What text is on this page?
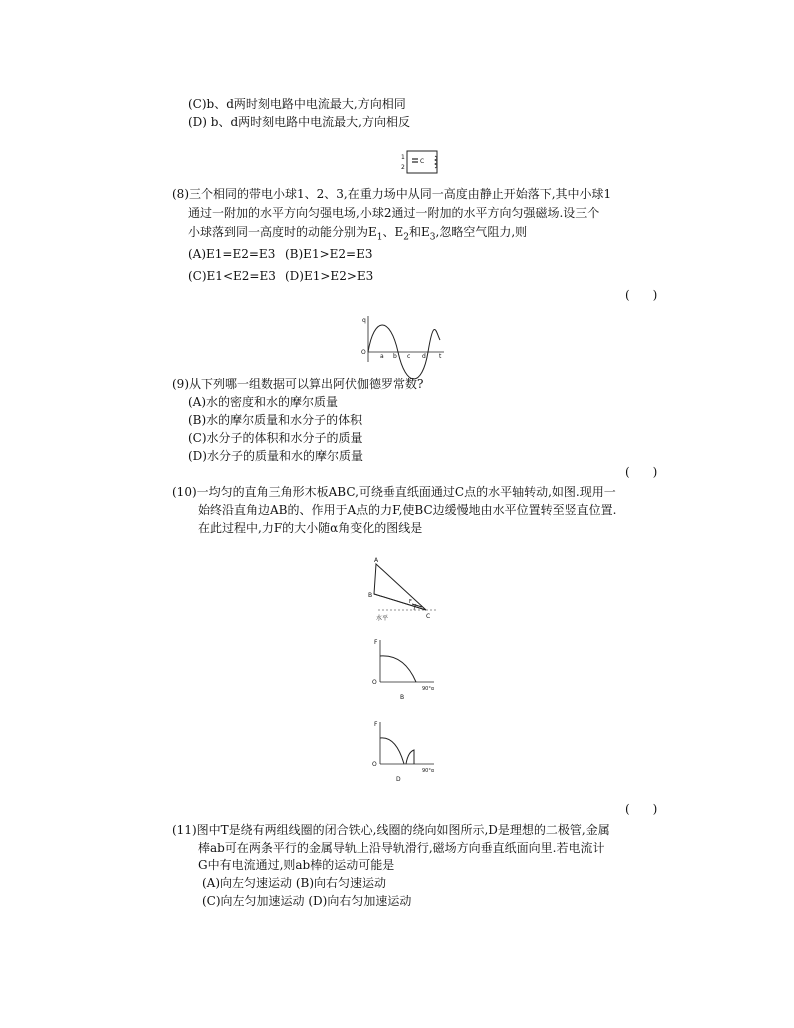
(C)b、d两时刻电路中电流最大,方向相同
(D) b、d两时刻电路中电流最大,方向相反
1
2
C
(8)三个相同的带电小球1、2、3,在重力场中从同一高度由静止开始落下,其中小球1
通过一附加的水平方向匀强电场,小球2通过一附加的水平方向匀强磁场.设三个
小球落到同一高度时的动能分别为$E_1$、$E_2$和$E_3$,忽略空气阻力,则
(A)E1=E2=E3 (B)E1>E2=E3
(C)E1<E2=E3 (D)E1>E2>E3
(      )
q
O
a b c d t
(9)从下列哪一组数据可以算出阿伏伽德罗常数?
(A)水的密度和水的摩尔质量
(B)水的摩尔质量和水分子的体积
(C)水分子的体积和水分子的质量
(D)水分子的质量和水的摩尔质量
(      )
(10)一均匀的直角三角形木板ABC,可绕垂直纸面通过C点的水平轴转动,如图.现用一
始终沿直角边AB的、作用于A点的力F,使BC边缓慢地由水平位置转至竖直位置.
在此过程中,力F的大小随α角变化的图线是
A
B
C
F
水平
F
O
90°α
B
F
O
90°α
D
(      )
(11)图中T是绕有两组线圈的闭合铁心,线圈的绕向如图所示,D是理想的二极管,金属
棒ab可在两条平行的金属导轨上沿导轨滑行,磁场方向垂直纸面向里.若电流计
G中有电流通过,则ab棒的运动可能是
(A)向左匀速运动 (B)向右匀速运动
(C)向左匀加速运动 (D)向右匀加速运动
